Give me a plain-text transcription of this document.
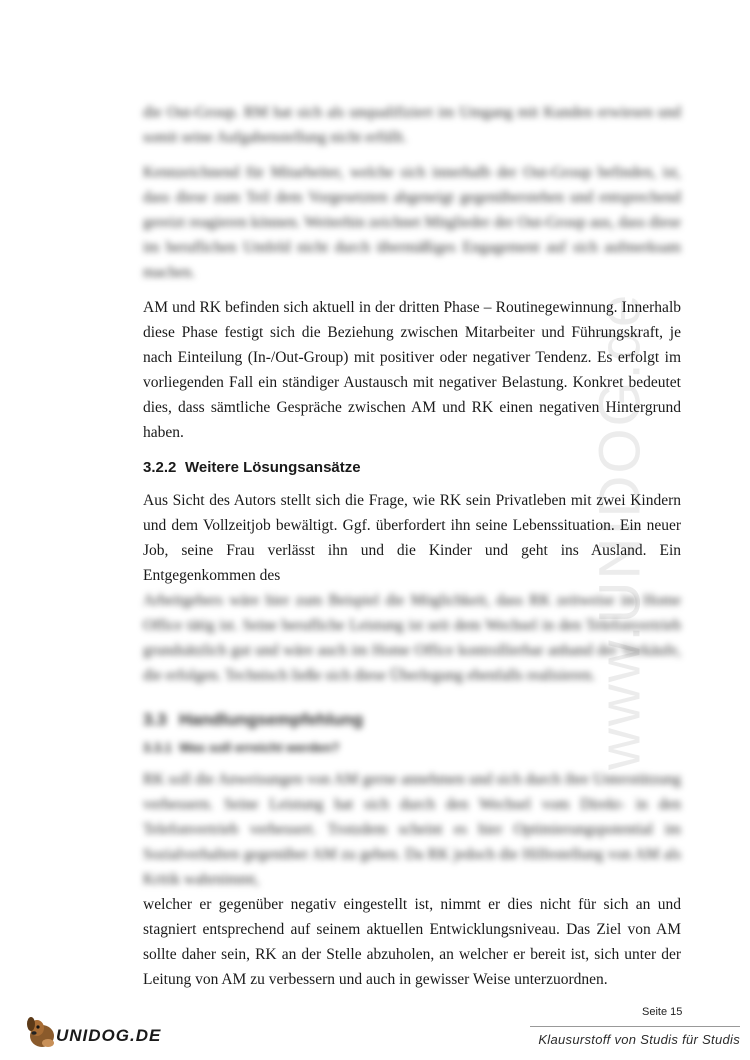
www.UNIDOG.de

die Out-Group. RM hat sich als unqualifiziert im Umgang mit Kunden erwiesen und somit seine Aufgabenstellung nicht erfüllt.

Kennzeichnend für Mitarbeiter, welche sich innerhalb der Out-Group befinden, ist, dass diese zum Teil dem Vorgesetzten abgeneigt gegenüberstehen und entsprechend gereizt reagieren können. Weiterhin zeichnet Mitglieder der Out-Group aus, dass diese im beruflichen Umfeld nicht durch übermäßiges Engagement auf sich aufmerksam machen.

AM und RK befinden sich aktuell in der dritten Phase – Routinegewinnung. Innerhalb diese Phase festigt sich die Beziehung zwischen Mitarbeiter und Führungskraft, je nach Einteilung (In-/Out-Group) mit positiver oder negativer Tendenz. Es erfolgt im vorliegenden Fall ein ständiger Austausch mit negativer Belastung. Konkret bedeutet dies, dass sämtliche Gespräche zwischen AM und RK einen negativen Hintergrund haben.

3.2.2 Weitere Lösungsansätze

Aus Sicht des Autors stellt sich die Frage, wie RK sein Privatleben mit zwei Kindern und dem Vollzeitjob bewältigt. Ggf. überfordert ihn seine Lebenssituation. Ein neuer Job, seine Frau verlässt ihn und die Kinder und geht ins Ausland. Ein Entgegenkommen des

Arbeitgebers wäre hier zum Beispiel die Möglichkeit, dass RK zeitweise im Home Office tätig ist. Seine berufliche Leistung ist seit dem Wechsel in den Telefonvertrieb grundsätzlich gut und wäre auch im Home Office kontrollierbar anhand der Verkäufe, die erfolgen. Technisch ließe sich diese Überlegung ebenfalls realisieren.

3.3 Handlungsempfehlung
3.3.1 Was soll erreicht werden?

RK soll die Anweisungen von AM gerne annehmen und sich durch ihre Unterstützung verbessern. Seine Leistung hat sich durch den Wechsel vom Direkt- in den Telefonvertrieb verbessert. Trotzdem scheint es hier Optimierungspotential im Sozialverhalten gegenüber AM zu geben. Da RK jedoch die Hilfestellung von AM als Kritik wahrnimmt,

welcher er gegenüber negativ eingestellt ist, nimmt er dies nicht für sich an und stagniert entsprechend auf seinem aktuellen Entwicklungsniveau. Das Ziel von AM sollte daher sein, RK an der Stelle abzuholen, an welcher er bereit ist, sich unter der Leitung von AM zu verbessern und auch in gewisser Weise unterzuordnen.

Seite 15
UNIDOG.DE	Klausurstoff von Studis für Studis
